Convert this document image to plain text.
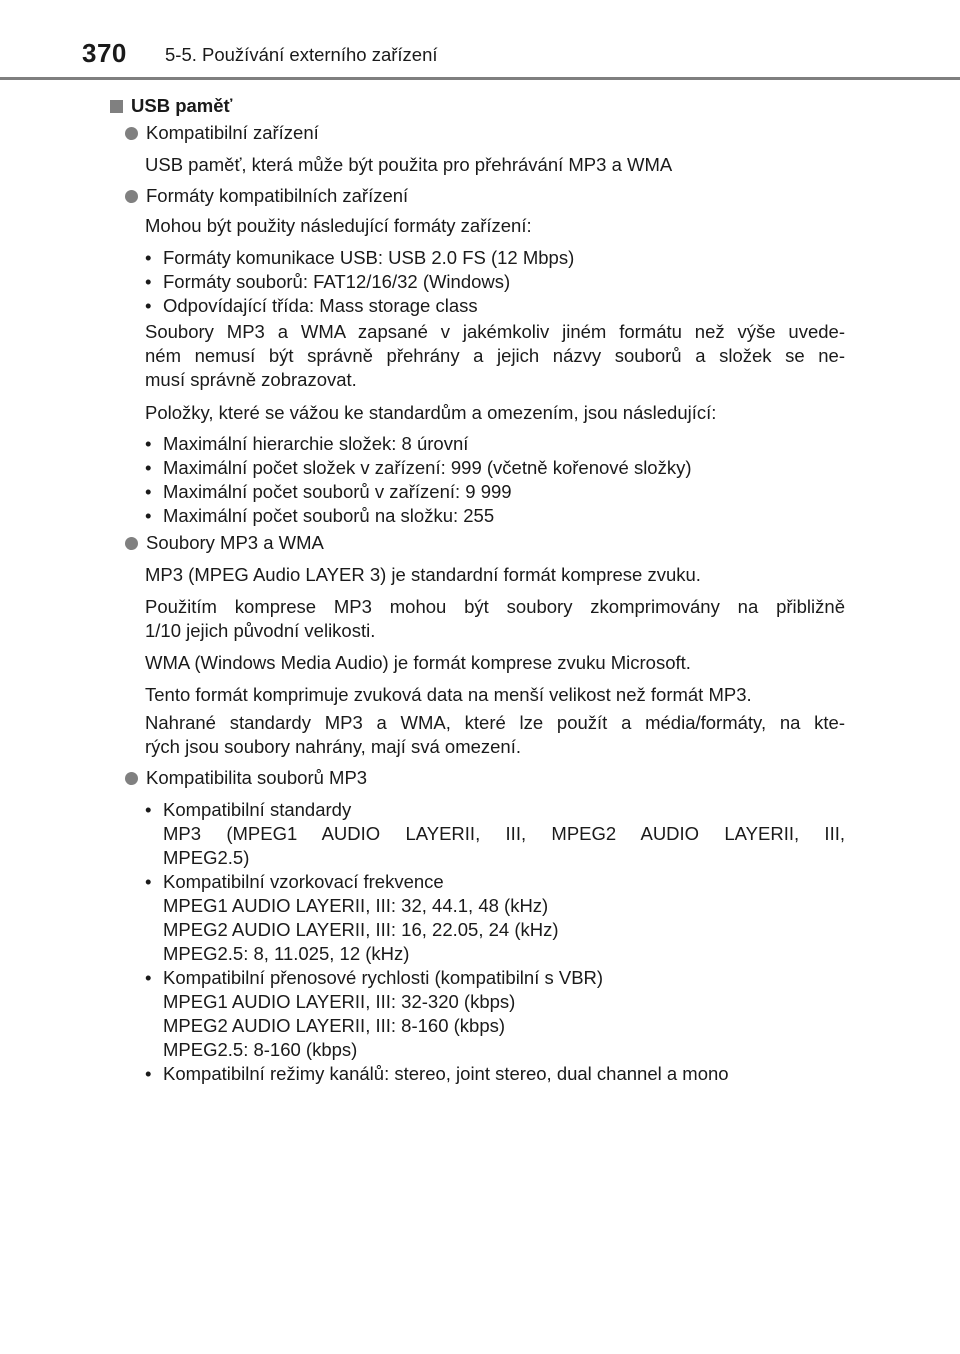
370 5-5. Používání externího zařízení
USB paměť
Kompatibilní zařízení
USB paměť, která může být použita pro přehrávání MP3 a WMA
Formáty kompatibilních zařízení
Mohou být použity následující formáty zařízení:
• Formáty komunikace USB: USB 2.0 FS (12 Mbps)
• Formáty souborů: FAT12/16/32 (Windows)
• Odpovídající třída: Mass storage class
Soubory MP3 a WMA zapsané v jakémkoliv jiném formátu než výše uvede-
ném nemusí být správně přehrány a jejich názvy souborů a složek se ne-
musí správně zobrazovat.
Položky, které se vážou ke standardům a omezením, jsou následující:
• Maximální hierarchie složek: 8 úrovní
• Maximální počet složek v zařízení: 999 (včetně kořenové složky)
• Maximální počet souborů v zařízení: 9 999
• Maximální počet souborů na složku: 255
Soubory MP3 a WMA
MP3 (MPEG Audio LAYER 3) je standardní formát komprese zvuku.
Použitím komprese MP3 mohou být soubory zkomprimovány na přibližně
1/10 jejich původní velikosti.
WMA (Windows Media Audio) je formát komprese zvuku Microsoft.
Tento formát komprimuje zvuková data na menší velikost než formát MP3.
Nahrané standardy MP3 a WMA, které lze použít a média/formáty, na kte-
rých jsou soubory nahrány, mají svá omezení.
Kompatibilita souborů MP3
• Kompatibilní standardy
MP3 (MPEG1 AUDIO LAYERII, III, MPEG2 AUDIO LAYERII, III,
MPEG2.5)
• Kompatibilní vzorkovací frekvence
MPEG1 AUDIO LAYERII, III: 32, 44.1, 48 (kHz)
MPEG2 AUDIO LAYERII, III: 16, 22.05, 24 (kHz)
MPEG2.5: 8, 11.025, 12 (kHz)
• Kompatibilní přenosové rychlosti (kompatibilní s VBR)
MPEG1 AUDIO LAYERII, III: 32-320 (kbps)
MPEG2 AUDIO LAYERII, III: 8-160 (kbps)
MPEG2.5: 8-160 (kbps)
• Kompatibilní režimy kanálů: stereo, joint stereo, dual channel a mono
